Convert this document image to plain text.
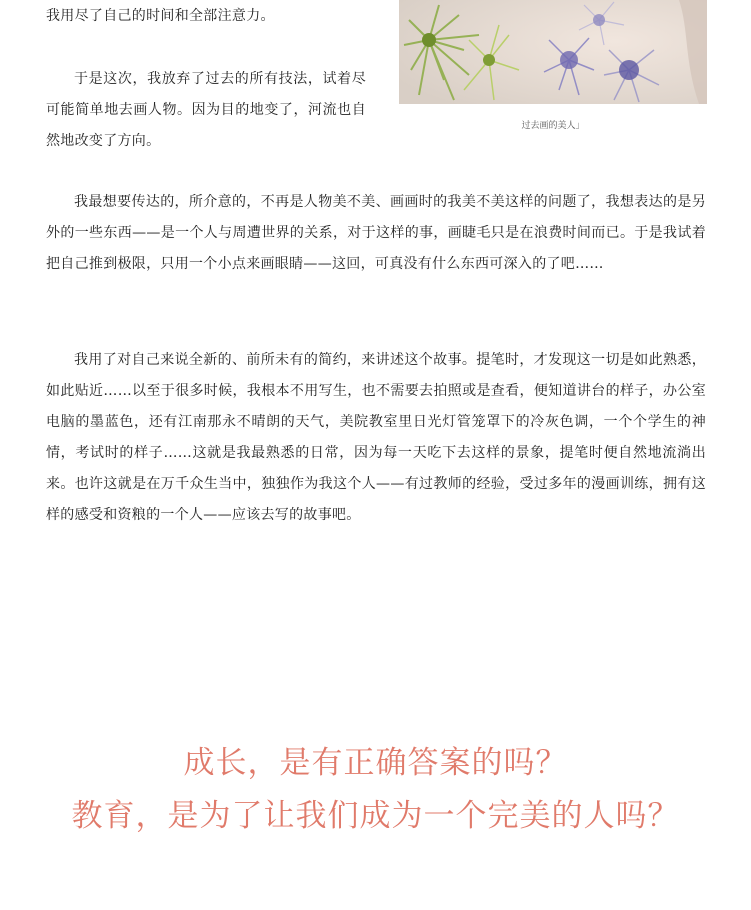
我用尽了自己的时间和全部注意力。

于是这次，我放弃了过去的所有技法，试着尽可能简单地去画人物。因为目的地变了，河流也自然地改变了方向。

过去画的美人」

我最想要传达的，所介意的，不再是人物美不美、画画时的我美不美这样的问题了，我想表达的是另外的一些东西——是一个人与周遭世界的关系，对于这样的事，画睫毛只是在浪费时间而已。于是我试着把自己推到极限，只用一个小点来画眼睛——这回，可真没有什么东西可深入的了吧……

我用了对自己来说全新的、前所未有的简约，来讲述这个故事。提笔时，才发现这一切是如此熟悉，如此贴近……以至于很多时候，我根本不用写生，也不需要去拍照或是查看，便知道讲台的样子，办公室电脑的墨蓝色，还有江南那永不晴朗的天气，美院教室里日光灯管笼罩下的冷灰色调，一个个学生的神情，考试时的样子……这就是我最熟悉的日常，因为每一天吃下去这样的景象，提笔时便自然地流淌出来。也许这就是在万千众生当中，独独作为我这个人——有过教师的经验，受过多年的漫画训练，拥有这样的感受和资粮的一个人——应该去写的故事吧。

成长，是有正确答案的吗？

教育，是为了让我们成为一个完美的人吗？
